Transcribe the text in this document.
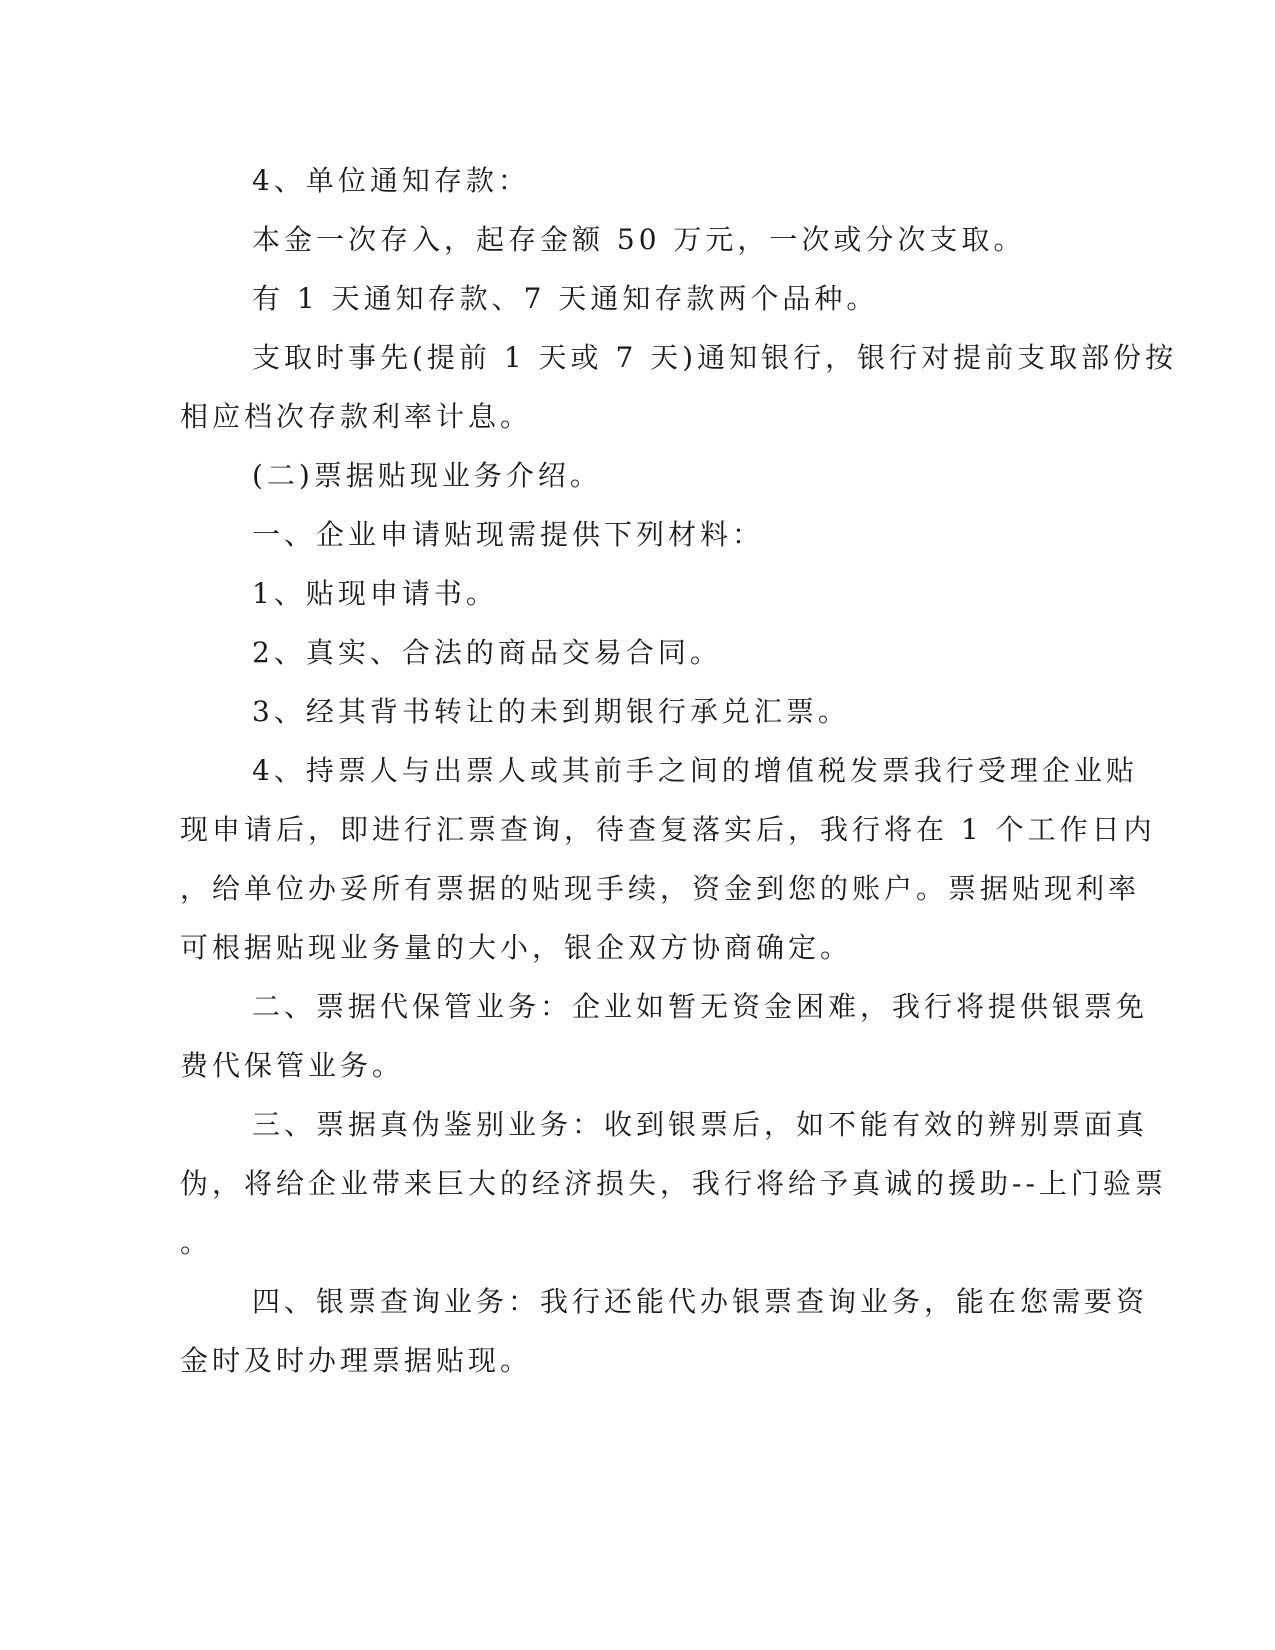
4、单位通知存款：
本金一次存入，起存金额 50 万元，一次或分次支取。
有 1 天通知存款、7 天通知存款两个品种。
支取时事先(提前 1 天或 7 天)通知银行，银行对提前支取部份按
相应档次存款利率计息。
(二)票据贴现业务介绍。
一、企业申请贴现需提供下列材料：
1、贴现申请书。
2、真实、合法的商品交易合同。
3、经其背书转让的未到期银行承兑汇票。
4、持票人与出票人或其前手之间的增值税发票我行受理企业贴
现申请后，即进行汇票查询，待查复落实后，我行将在 1 个工作日内
，给单位办妥所有票据的贴现手续，资金到您的账户。票据贴现利率
可根据贴现业务量的大小，银企双方协商确定。
二、票据代保管业务：企业如暂无资金困难，我行将提供银票免
费代保管业务。
三、票据真伪鉴别业务：收到银票后，如不能有效的辨别票面真
伪，将给企业带来巨大的经济损失，我行将给予真诚的援助--上门验票
。
四、银票查询业务：我行还能代办银票查询业务，能在您需要资
金时及时办理票据贴现。
